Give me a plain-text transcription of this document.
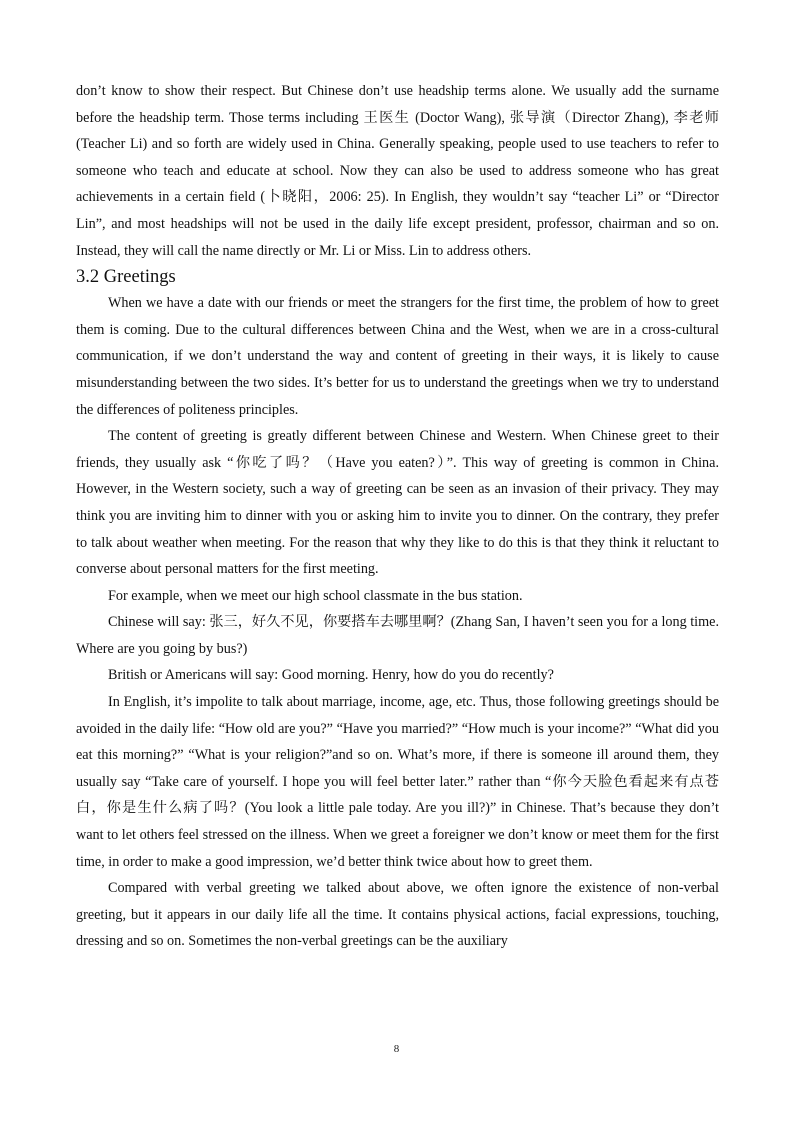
don’t know to show their respect. But Chinese don’t use headship terms alone. We usually add the surname before the headship term. Those terms including 王医生 (Doctor Wang), 张导演（Director Zhang), 李老师 (Teacher Li) and so forth are widely used in China. Generally speaking, people used to use teachers to refer to someone who teach and educate at school. Now they can also be used to address someone who has great achievements in a certain field (卜晓阳，2006: 25). In English, they wouldn’t say “teacher Li” or “Director Lin”, and most headships will not be used in the daily life except president, professor, chairman and so on. Instead, they will call the name directly or Mr. Li or Miss. Lin to address others.

3.2 Greetings

When we have a date with our friends or meet the strangers for the first time, the problem of how to greet them is coming. Due to the cultural differences between China and the West, when we are in a cross-cultural communication, if we don’t understand the way and content of greeting in their ways, it is likely to cause misunderstanding between the two sides. It’s better for us to understand the greetings when we try to understand the differences of politeness principles.

The content of greeting is greatly different between Chinese and Western. When Chinese greet to their friends, they usually ask “你吃了吗？（Have you eaten?）”. This way of greeting is common in China. However, in the Western society, such a way of greeting can be seen as an invasion of their privacy. They may think you are inviting him to dinner with you or asking him to invite you to dinner. On the contrary, they prefer to talk about weather when meeting. For the reason that why they like to do this is that they think it reluctant to converse about personal matters for the first meeting.

For example, when we meet our high school classmate in the bus station.

Chinese will say: 张三，好久不见，你要搭车去哪里啊？(Zhang San, I haven’t seen you for a long time. Where are you going by bus?)

British or Americans will say: Good morning. Henry, how do you do recently?

In English, it’s impolite to talk about marriage, income, age, etc. Thus, those following greetings should be avoided in the daily life: “How old are you?” “Have you married?” “How much is your income?” “What did you eat this morning?” “What is your religion?”and so on. What’s more, if there is someone ill around them, they usually say “Take care of yourself. I hope you will feel better later.” rather than “你今天脸色看起来有点苍白，你是生什么病了吗？(You look a little pale today. Are you ill?)” in Chinese. That’s because they don’t want to let others feel stressed on the illness. When we greet a foreigner we don’t know or meet them for the first time, in order to make a good impression, we’d better think twice about how to greet them.

Compared with verbal greeting we talked about above, we often ignore the existence of non-verbal greeting, but it appears in our daily life all the time. It contains physical actions, facial expressions, touching, dressing and so on. Sometimes the non-verbal greetings can be the auxiliary

8
